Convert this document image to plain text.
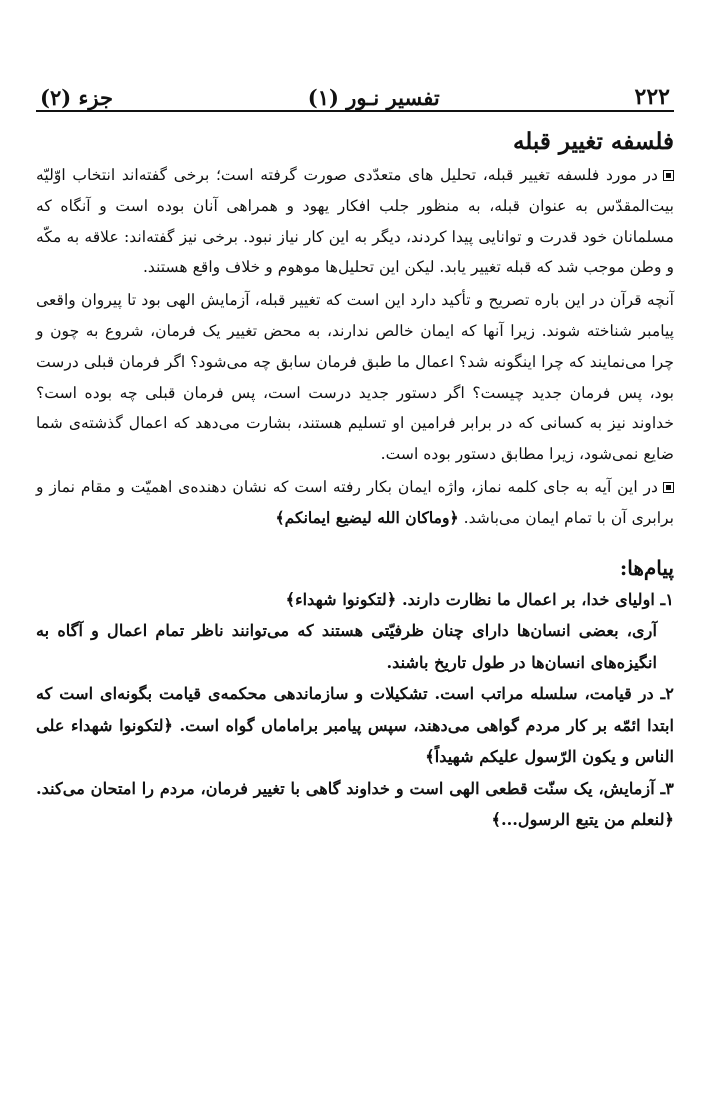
۲۲۲
تفسیر نـور (۱)
جزء (۲)
فلسفه تغییر قبله

در مورد فلسفه تغییر قبله، تحلیل های متعدّدی صورت گرفته است؛ برخی گفته‌اند انتخاب اوّلیّه بیت‌المقدّس به عنوان قبله، به منظور جلب افکار یهود و همراهی آنان بوده است و آنگاه که مسلمانان خود قدرت و توانایی پیدا کردند، دیگر به این کار نیاز نبود. برخی نیز گفته‌اند: علاقه به مکّه و وطن موجب شد که قبله تغییر یابد. لیکن این تحلیل‌ها موهوم و خلاف واقع هستند.

آنچه قرآن در این باره تصریح و تأکید دارد این است که تغییر قبله، آزمایش الهی بود تا پیروان واقعی پیامبر شناخته شوند. زیرا آنها که ایمان خالص ندارند، به محض تغییر یک فرمان، شروع به چون و چرا می‌نمایند که چرا اینگونه شد؟ اعمال ما طبق فرمان سابق چه می‌شود؟ اگر فرمان قبلی درست بود، پس فرمان جدید چیست؟ اگر دستور جدید درست است، پس فرمان قبلی چه بوده است؟ خداوند نیز به کسانی که در برابر فرامین او تسلیم هستند، بشارت می‌دهد که اعمال گذشته‌ی شما ضایع نمی‌شود، زیرا مطابق دستور بوده است.

در این آیه به جای کلمه نماز، واژه ایمان بکار رفته است که نشان دهنده‌ی اهمیّت و مقام نماز و برابری آن با تمام ایمان می‌باشد. ﴿وماكان الله ليضيع ايمانكم﴾

پیام‌ها:

۱ـ اولیای خدا، بر اعمال ما نظارت دارند. ﴿لتكونوا شهداء﴾

آری، بعضی انسان‌ها دارای چنان ظرفیّتی هستند که می‌توانند ناظر تمام اعمال و آگاه به انگیزه‌های انسان‌ها در طول تاریخ باشند.

۲ـ در قیامت، سلسله مراتب است. تشکیلات و سازماندهی محکمه‌ی قیامت بگونه‌ای است که ابتدا ائمّه بر کار مردم گواهی می‌دهند، سپس پیامبر براماماں گواه است. ﴿لتكونوا شهداء على الناس و يكون الرّسول عليكم شهيداً﴾

۳ـ آزمایش، یک سنّت قطعی الهی است و خداوند گاهی با تغییر فرمان، مردم را امتحان می‌کند. ﴿لنعلم من يتبع الرسول...﴾
